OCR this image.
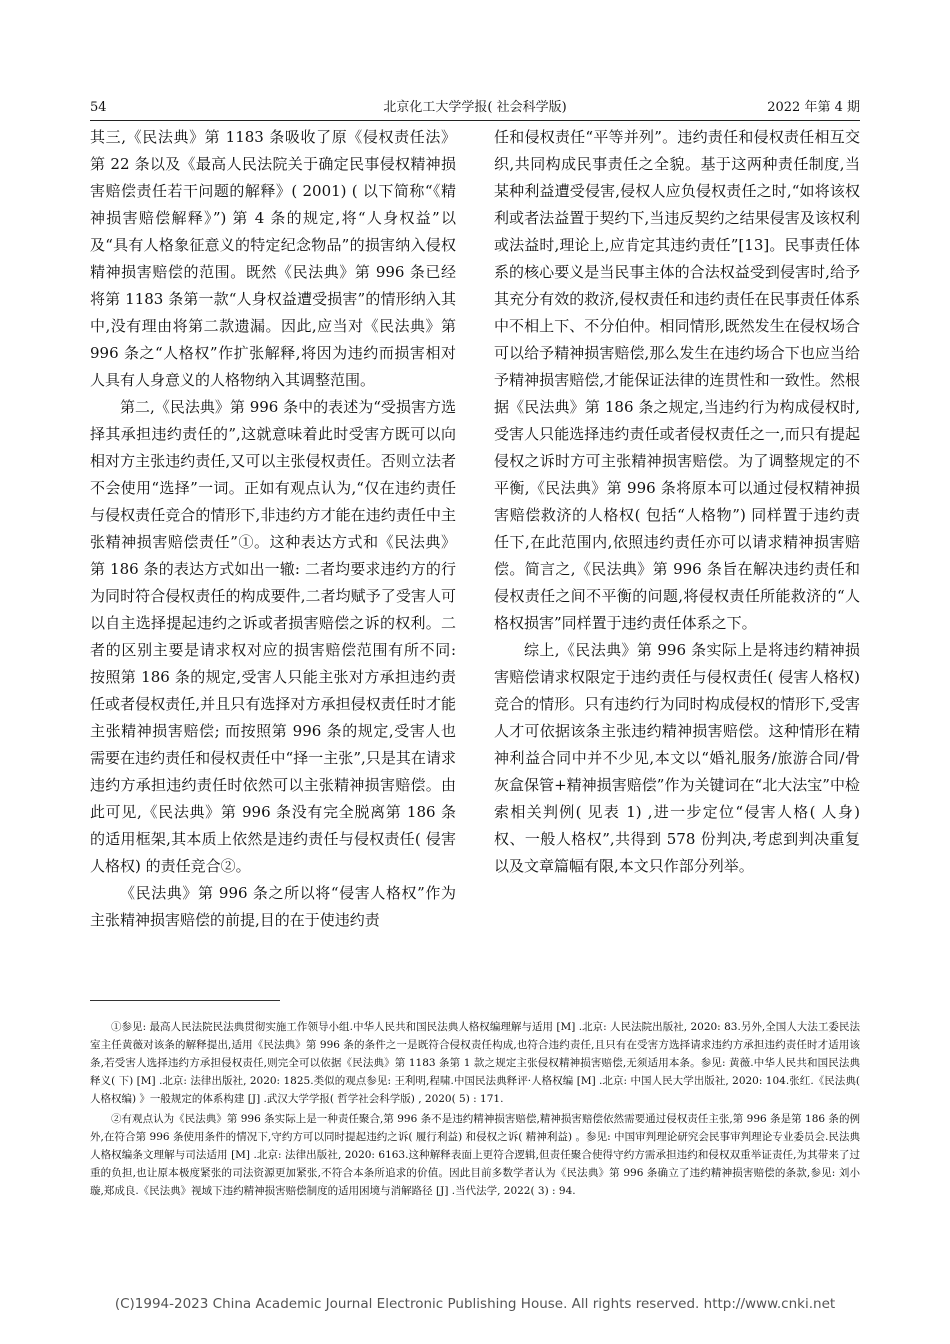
54	北京化工大学学报( 社会科学版)	2022 年第 4 期

其三,《民法典》第 1183 条吸收了原《侵权责任法》第 22 条以及《最高人民法院关于确定民事侵权精神损害赔偿责任若干问题的解释》( 2001) ( 以下简称“《精神损害赔偿解释》”) 第 4 条的规定,将“人身权益”以及“具有人格象征意义的特定纪念物品”的损害纳入侵权精神损害赔偿的范围。既然《民法典》第 996 条已经将第 1183 条第一款“人身权益遭受损害”的情形纳入其中,没有理由将第二款遗漏。因此,应当对《民法典》第 996 条之“人格权”作扩张解释,将因为违约而损害相对人具有人身意义的人格物纳入其调整范围。

第二,《民法典》第 996 条中的表述为“受损害方选择其承担违约责任的”,这就意味着此时受害方既可以向相对方主张违约责任,又可以主张侵权责任。否则立法者不会使用“选择”一词。正如有观点认为,“仅在违约责任与侵权责任竞合的情形下,非违约方才能在违约责任中主张精神损害赔偿责任”①。这种表达方式和《民法典》第 186 条的表达方式如出一辙: 二者均要求违约方的行为同时符合侵权责任的构成要件,二者均赋予了受害人可以自主选择提起违约之诉或者损害赔偿之诉的权利。二者的区别主要是请求权对应的损害赔偿范围有所不同: 按照第 186 条的规定,受害人只能主张对方承担违约责任或者侵权责任,并且只有选择对方承担侵权责任时才能主张精神损害赔偿; 而按照第 996 条的规定,受害人也需要在违约责任和侵权责任中“择一主张”,只是其在请求违约方承担违约责任时依然可以主张精神损害赔偿。由此可见,《民法典》第 996 条没有完全脱离第 186 条的适用框架,其本质上依然是违约责任与侵权责任( 侵害人格权) 的责任竞合②。

《民法典》第 996 条之所以将“侵害人格权”作为主张精神损害赔偿的前提,目的在于使违约责

任和侵权责任“平等并列”。违约责任和侵权责任相互交织,共同构成民事责任之全貌。基于这两种责任制度,当某种利益遭受侵害,侵权人应负侵权责任之时,“如将该权利或者法益置于契约下,当违反契约之结果侵害及该权利或法益时,理论上,应肯定其违约责任”[13]。民事责任体系的核心要义是当民事主体的合法权益受到侵害时,给予其充分有效的救济,侵权责任和违约责任在民事责任体系中不相上下、不分伯仲。相同情形,既然发生在侵权场合可以给予精神损害赔偿,那么发生在违约场合下也应当给予精神损害赔偿,才能保证法律的连贯性和一致性。然根据《民法典》第 186 条之规定,当违约行为构成侵权时,受害人只能选择违约责任或者侵权责任之一,而只有提起侵权之诉时方可主张精神损害赔偿。为了调整规定的不平衡,《民法典》第 996 条将原本可以通过侵权精神损害赔偿救济的人格权( 包括“人格物”) 同样置于违约责任下,在此范围内,依照违约责任亦可以请求精神损害赔偿。简言之,《民法典》第 996 条旨在解决违约责任和侵权责任之间不平衡的问题,将侵权责任所能救济的“人格权损害”同样置于违约责任体系之下。

综上,《民法典》第 996 条实际上是将违约精神损害赔偿请求权限定于违约责任与侵权责任( 侵害人格权) 竞合的情形。只有违约行为同时构成侵权的情形下,受害人才可依据该条主张违约精神损害赔偿。这种情形在精神利益合同中并不少见,本文以“婚礼服务/旅游合同/骨灰盒保管+精神损害赔偿”作为关键词在“北大法宝”中检索相关判例( 见表 1) ,进一步定位“侵害人格( 人身) 权、一般人格权”,共得到 578 份判决,考虑到判决重复以及文章篇幅有限,本文只作部分列举。

①参见: 最高人民法院民法典贯彻实施工作领导小组.中华人民共和国民法典人格权编理解与适用 [M] .北京: 人民法院出版社, 2020: 83.另外,全国人大法工委民法室主任黄薇对该条的解释提出,适用《民法典》第 996 条的条件之一是既符合侵权责任构成,也符合违约责任,且只有在受害方选择请求违约方承担违约责任时才适用该条,若受害人选择违约方承担侵权责任,则完全可以依据《民法典》第 1183 条第 1 款之规定主张侵权精神损害赔偿,无须适用本条。参见: 黄薇.中华人民共和国民法典释义( 下) [M] .北京: 法律出版社, 2020: 1825.类似的观点参见: 王利明,程啸.中国民法典释评·人格权编 [M] .北京: 中国人民大学出版社, 2020: 104.张红.《民法典( 人格权编) 》一般规定的体系构建 [J] .武汉大学学报( 哲学社会科学版) , 2020( 5) : 171.

②有观点认为《民法典》第 996 条实际上是一种责任聚合,第 996 条不是违约精神损害赔偿,精神损害赔偿依然需要通过侵权责任主张,第 996 条是第 186 条的例外,在符合第 996 条使用条件的情况下,守约方可以同时提起违约之诉( 履行利益) 和侵权之诉( 精神利益) 。参见: 中国审判理论研究会民事审判理论专业委员会.民法典人格权编条文理解与司法适用 [M] .北京: 法律出版社, 2020: 6163.这种解释表面上更符合逻辑,但责任聚合使得守约方需承担违约和侵权双重举证责任,为其带来了过重的负担,也让原本极度紧张的司法资源更加紧张,不符合本条所追求的价值。因此目前多数学者认为《民法典》第 996 条确立了违约精神损害赔偿的条款,参见: 刘小璇,郑成良.《民法典》视域下违约精神损害赔偿制度的适用困境与消解路径 [J] .当代法学, 2022( 3) : 94.

(C)1994-2023 China Academic Journal Electronic Publishing House. All rights reserved. http://www.cnki.net
